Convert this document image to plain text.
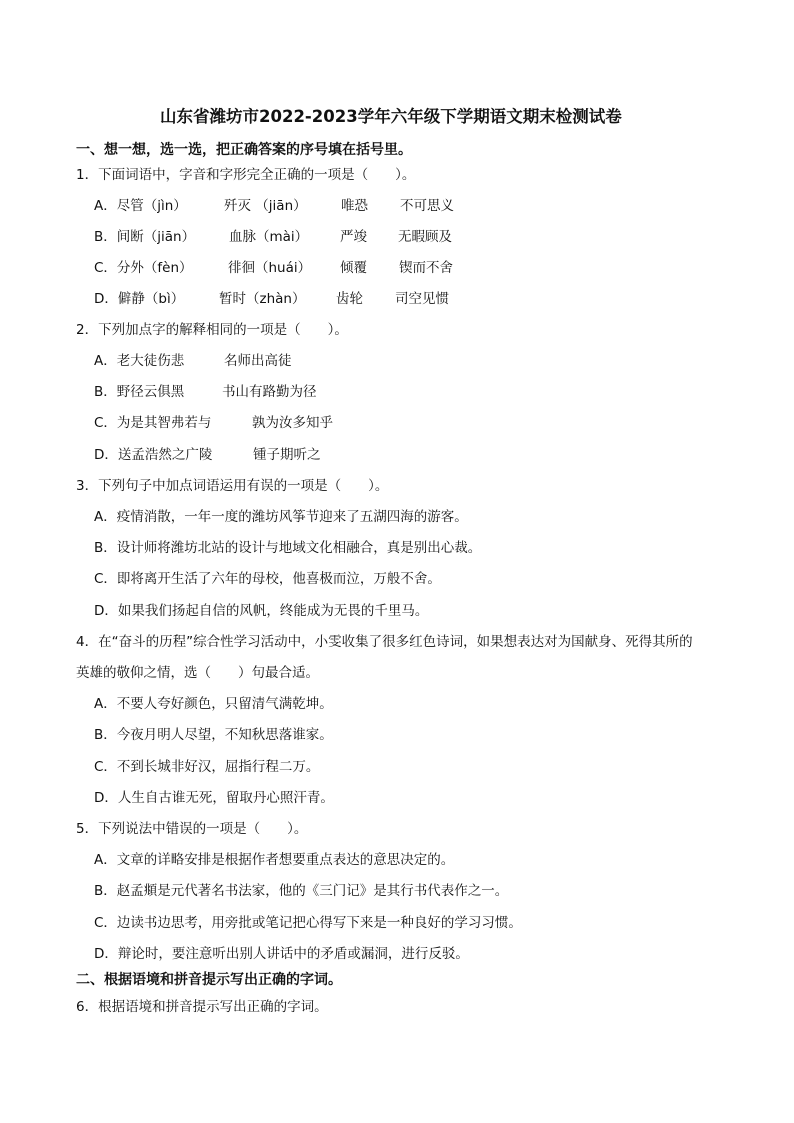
山东省潍坊市2022-2023学年六年级下学期语文期末检测试卷
一、想一想，选一选，把正确答案的序号填在括号里。
1．下面词语中，字音和字形完全正确的一项是（　　）。
A．尽管（jìn）	歼灭 （jiān）	唯恐 不可思义
B．间断（jiān）	血脉（mài） 严竣 无暇顾及
C．分外（fèn）	徘徊（huái） 倾覆 锲而不舍
D．僻静（bì）	暂时（zhàn） 齿轮 司空见惯
2．下列加点字的解释相同的一项是（　　）。
A．老大徒伤悲	名师出高徒
B．野径云俱黑	书山有路勤为径
C．为是其智弗若与	孰为汝多知乎
D．送孟浩然之广陵	锺子期听之
3．下列句子中加点词语运用有误的一项是（　　）。
A．疫情消散，一年一度的潍坊风筝节迎来了五湖四海的游客。
B．设计师将潍坊北站的设计与地域文化相融合，真是别出心裁。
C．即将离开生活了六年的母校，他喜极而泣，万般不舍。
D．如果我们扬起自信的风帆，终能成为无畏的千里马。
4．在“奋斗的历程”综合性学习活动中，小雯收集了很多红色诗词，如果想表达对为国献身、死得其所的
英雄的敬仰之情，选（　　）句最合适。
A．不要人夸好颜色，只留清气满乾坤。
B．今夜月明人尽望，不知秋思落谁家。
C．不到长城非好汉，屈指行程二万。
D．人生自古谁无死，留取丹心照汗青。
5．下列说法中错误的一项是（　　）。
A．文章的详略安排是根据作者想要重点表达的意思决定的。
B．赵孟頫是元代著名书法家，他的《三门记》是其行书代表作之一。
C．边读书边思考，用旁批或笔记把心得写下来是一种良好的学习习惯。
D．辩论时，要注意听出别人讲话中的矛盾或漏洞，进行反驳。
二、根据语境和拼音提示写出正确的字词。
6．根据语境和拼音提示写出正确的字词。
